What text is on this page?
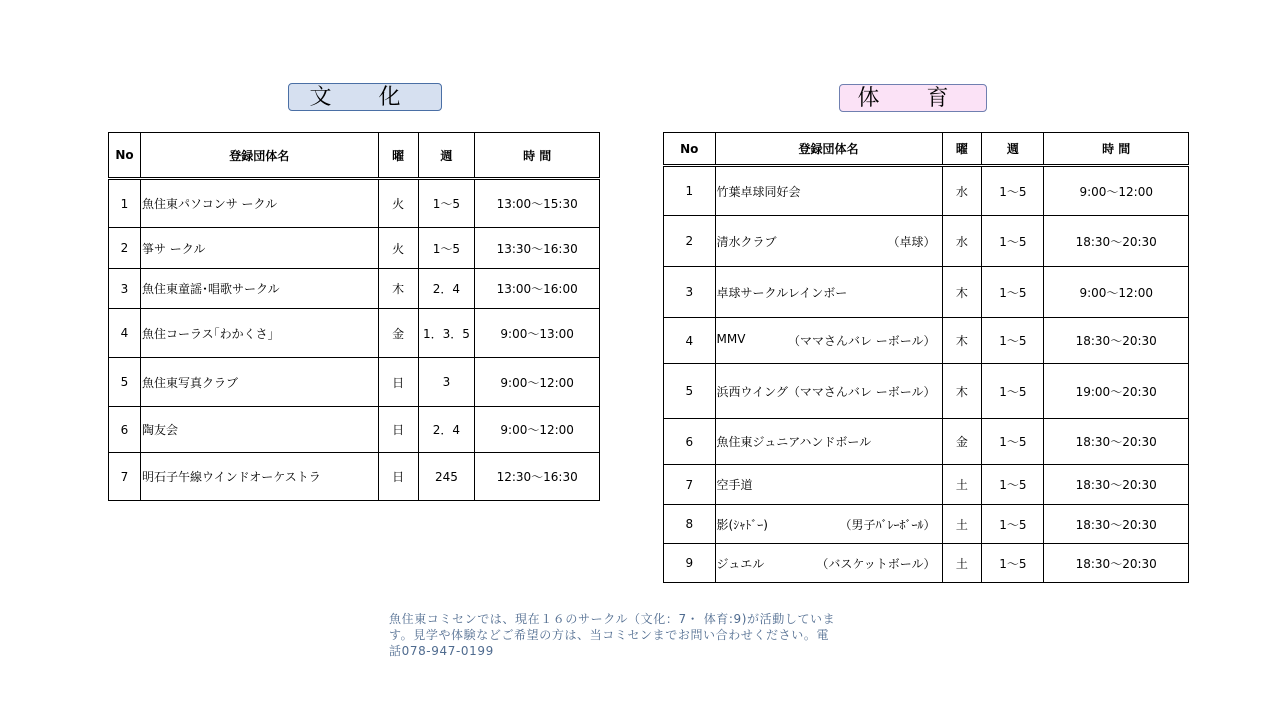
文 化	体 育
No	登録団体名	曜	週	時 間
1	魚住東パソコンサ ークル	火	1〜5	13:00〜15:30
2	箏サ ークル	火	1〜5	13:30〜16:30
3	魚住東童謡･唱歌サークル	木	2．4	13:00〜16:00
4	魚住コーラス｢わかくさ｣	金	1．3．5	9:00〜13:00
5	魚住東写真クラブ	日	3	9:00〜12:00
6	陶友会	日	2．4	9:00〜12:00
7	明石子午線ウインドオーケストラ	日	245	12:30〜16:30
No	登録団体名	曜	週	時 間
1	竹葉卓球同好会	水	1〜5	9:00〜12:00
2	清水クラブ （卓球）	水	1〜5	18:30〜20:30
3	卓球サークルレインボー	木	1〜5	9:00〜12:00
4	MMV （ママさんバレ ーボール）	木	1〜5	18:30〜20:30
5	浜西ウイング（ママさんバレ ーボール）	木	1〜5	19:00〜20:30
6	魚住東ジュニアハンドボール	金	1〜5	18:30〜20:30
7	空手道	土	1〜5	18:30〜20:30
8	影(ｼｬﾄﾞｰ) （男子ﾊﾞﾚｰﾎﾞｰﾙ）	土	1〜5	18:30〜20:30
9	ジュエル （バスケットボール）	土	1〜5	18:30〜20:30
魚住東コミセンでは、現在１６のサークル（文化：7・ 体育:9)が活動しています。見学や体験などご希望の方は、当コミセンまでお問い合わせください。電話078-947-0199
